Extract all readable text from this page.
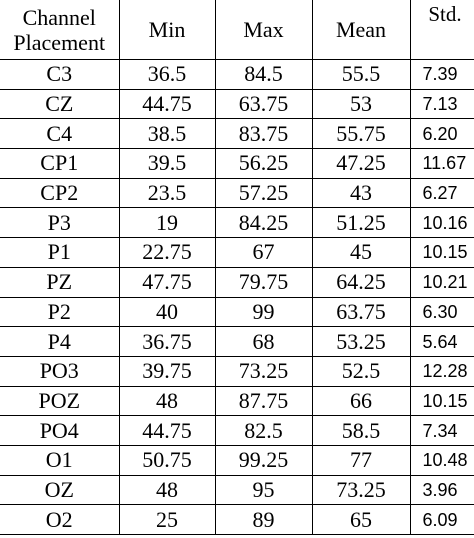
Channel Placement	Min	Max	Mean	Std.
C3	36.5	84.5	55.5	7.39
CZ	44.75	63.75	53	7.13
C4	38.5	83.75	55.75	6.20
CP1	39.5	56.25	47.25	11.67
CP2	23.5	57.25	43	6.27
P3	19	84.25	51.25	10.16
P1	22.75	67	45	10.15
PZ	47.75	79.75	64.25	10.21
P2	40	99	63.75	6.30
P4	36.75	68	53.25	5.64
PO3	39.75	73.25	52.5	12.28
POZ	48	87.75	66	10.15
PO4	44.75	82.5	58.5	7.34
O1	50.75	99.25	77	10.48
OZ	48	95	73.25	3.96
O2	25	89	65	6.09
